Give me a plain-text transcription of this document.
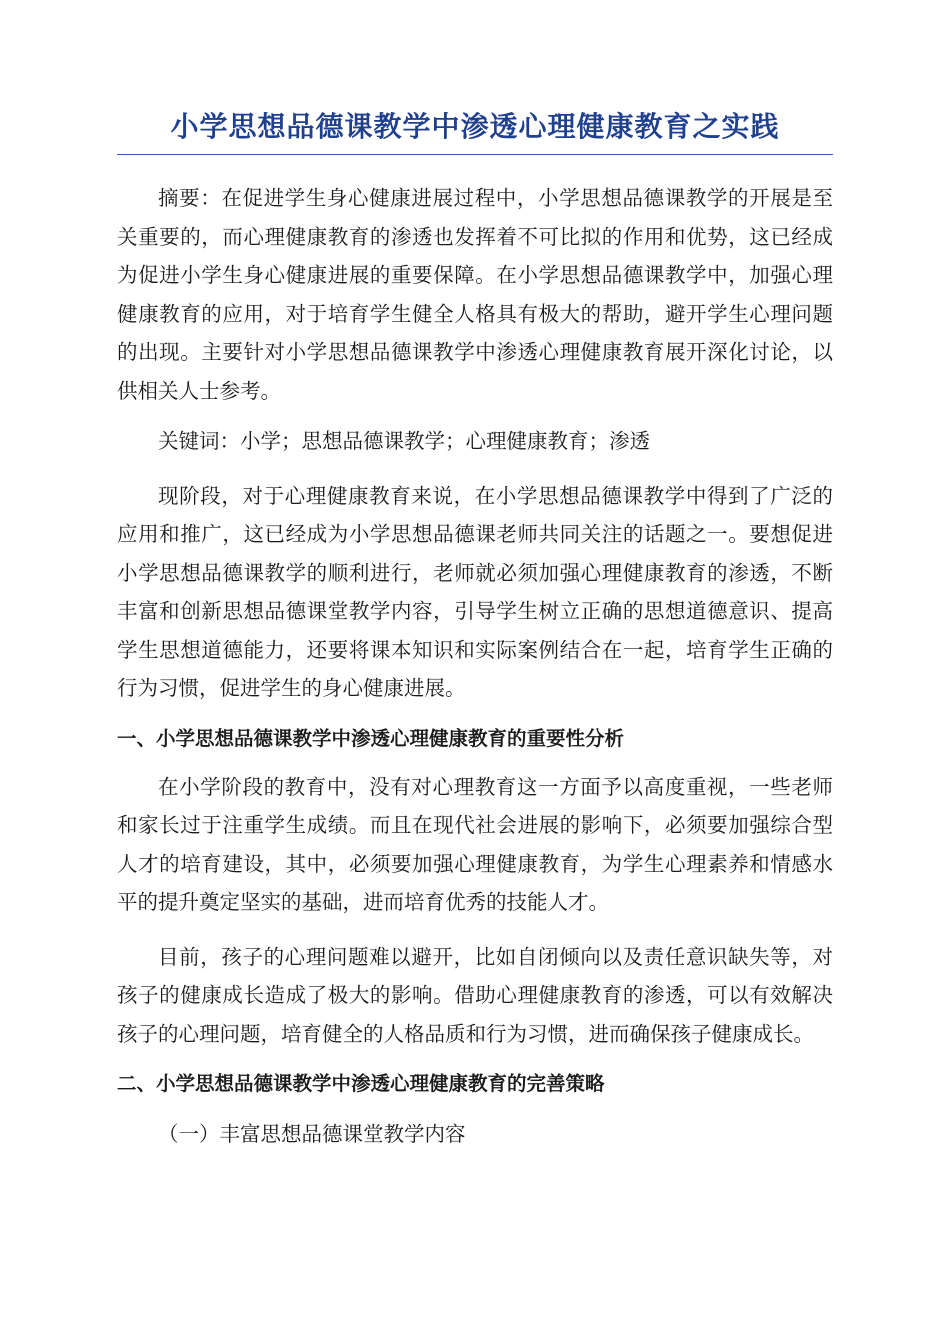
小学思想品德课教学中渗透心理健康教育之实践

摘要：在促进学生身心健康进展过程中，小学思想品德课教学的开展是至关重要的，而心理健康教育的渗透也发挥着不可比拟的作用和优势，这已经成为促进小学生身心健康进展的重要保障。在小学思想品德课教学中，加强心理健康教育的应用，对于培育学生健全人格具有极大的帮助，避开学生心理问题的出现。主要针对小学思想品德课教学中渗透心理健康教育展开深化讨论，以供相关人士参考。

关键词：小学；思想品德课教学；心理健康教育；渗透

现阶段，对于心理健康教育来说，在小学思想品德课教学中得到了广泛的应用和推广，这已经成为小学思想品德课老师共同关注的话题之一。要想促进小学思想品德课教学的顺利进行，老师就必须加强心理健康教育的渗透，不断丰富和创新思想品德课堂教学内容，引导学生树立正确的思想道德意识、提高学生思想道德能力，还要将课本知识和实际案例结合在一起，培育学生正确的行为习惯，促进学生的身心健康进展。

一、小学思想品德课教学中渗透心理健康教育的重要性分析

在小学阶段的教育中，没有对心理教育这一方面予以高度重视，一些老师和家长过于注重学生成绩。而且在现代社会进展的影响下，必须要加强综合型人才的培育建设，其中，必须要加强心理健康教育，为学生心理素养和情感水平的提升奠定坚实的基础，进而培育优秀的技能人才。

目前，孩子的心理问题难以避开，比如自闭倾向以及责任意识缺失等，对孩子的健康成长造成了极大的影响。借助心理健康教育的渗透，可以有效解决孩子的心理问题，培育健全的人格品质和行为习惯，进而确保孩子健康成长。

二、小学思想品德课教学中渗透心理健康教育的完善策略

（一）丰富思想品德课堂教学内容
